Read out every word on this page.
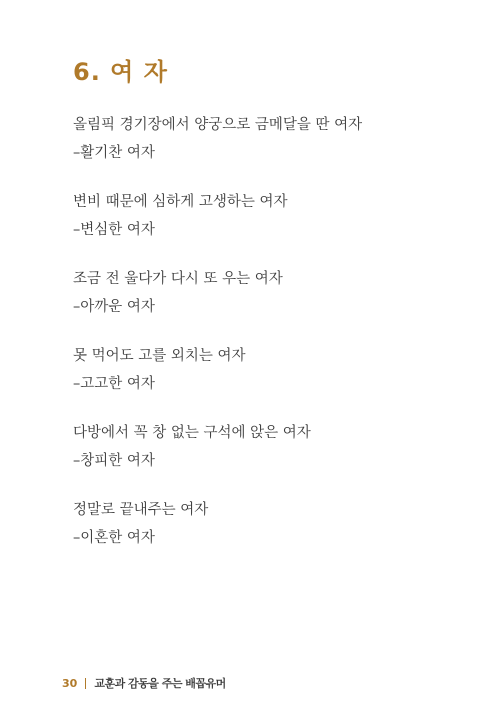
6. 여 자
올림픽 경기장에서 양궁으로 금메달을 딴 여자
–활기찬 여자
변비 때문에 심하게 고생하는 여자
–변심한 여자
조금 전 울다가 다시 또 우는 여자
–아까운 여자
못 먹어도 고를 외치는 여자
–고고한 여자
다방에서 꼭 창 없는 구석에 앉은 여자
–창피한 여자
정말로 끝내주는 여자
–이혼한 여자
30 교훈과 감동을 주는 배꼽유머
